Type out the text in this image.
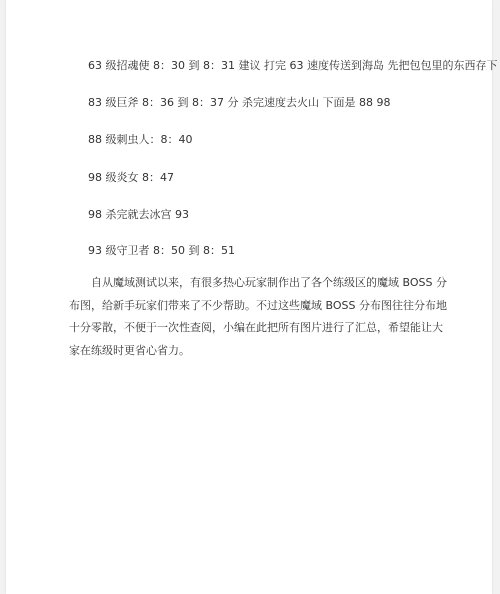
63 级招魂使 8：30 到 8：31 建议 打完 63 速度传送到海岛 先把包包里的东西存下
83 级巨斧 8：36 到 8：37 分 杀完速度去火山 下面是 88 98
88 级刺虫人：8：40
98 级炎女 8：47
98 杀完就去冰宫 93
93 级守卫者 8：50 到 8：51

自从魔域测试以来，有很多热心玩家制作出了各个练级区的魔域 BOSS 分布图，给新手玩家们带来了不少帮助。不过这些魔域 BOSS 分布图往往分布地十分零散，不便于一次性查阅，小编在此把所有图片进行了汇总，希望能让大家在练级时更省心省力。
